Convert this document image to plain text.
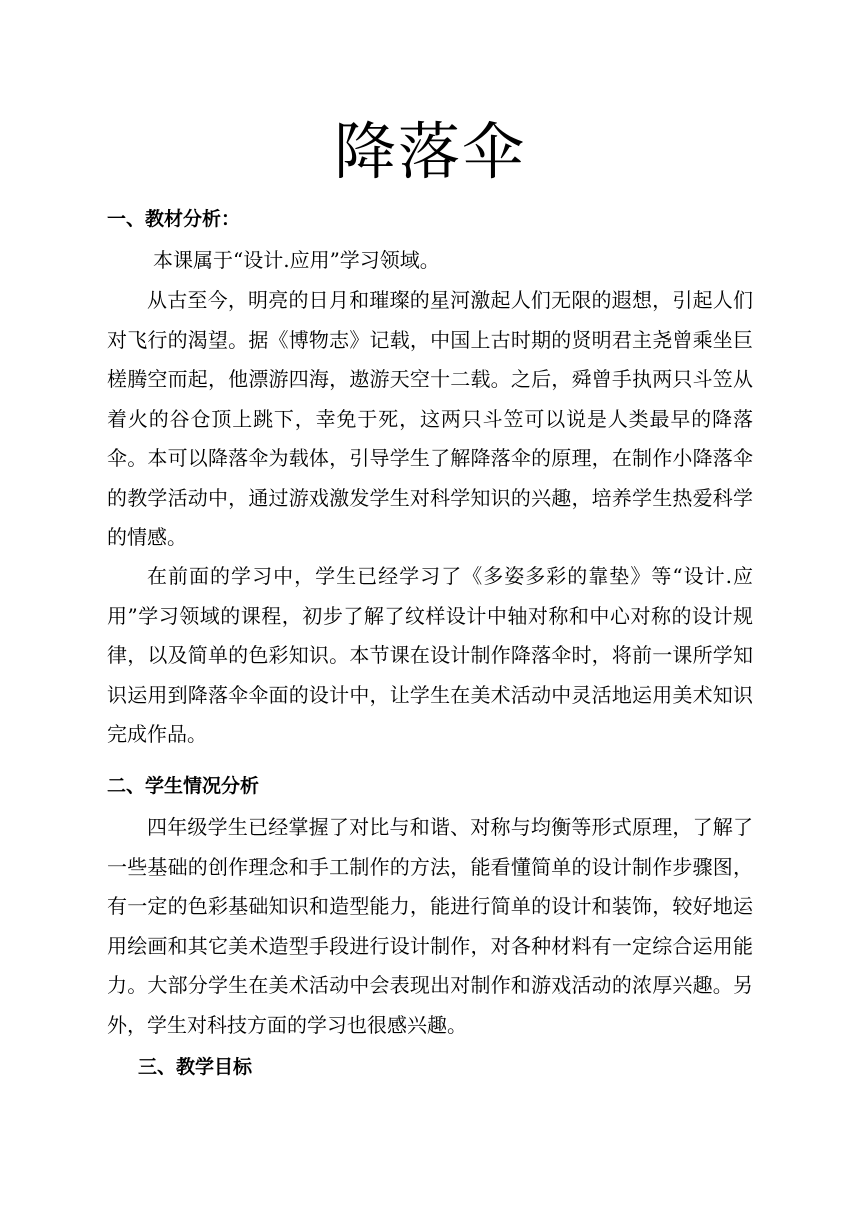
降落伞
一、教材分析：
本课属于“设计.应用”学习领域。
从古至今，明亮的日月和璀璨的星河激起人们无限的遐想，引起人们对飞行的渴望。据《博物志》记载，中国上古时期的贤明君主尧曾乘坐巨槎腾空而起，他漂游四海，遨游天空十二载。之后，舜曾手执两只斗笠从着火的谷仓顶上跳下，幸免于死，这两只斗笠可以说是人类最早的降落伞。本可以降落伞为载体，引导学生了解降落伞的原理，在制作小降落伞的教学活动中，通过游戏激发学生对科学知识的兴趣，培养学生热爱科学的情感。
在前面的学习中，学生已经学习了《多姿多彩的靠垫》等“设计.应用”学习领域的课程，初步了解了纹样设计中轴对称和中心对称的设计规律，以及简单的色彩知识。本节课在设计制作降落伞时，将前一课所学知识运用到降落伞伞面的设计中，让学生在美术活动中灵活地运用美术知识完成作品。
二、学生情况分析
四年级学生已经掌握了对比与和谐、对称与均衡等形式原理，了解了一些基础的创作理念和手工制作的方法，能看懂简单的设计制作步骤图，有一定的色彩基础知识和造型能力，能进行简单的设计和装饰，较好地运用绘画和其它美术造型手段进行设计制作，对各种材料有一定综合运用能力。大部分学生在美术活动中会表现出对制作和游戏活动的浓厚兴趣。另外，学生对科技方面的学习也很感兴趣。
三、教学目标
